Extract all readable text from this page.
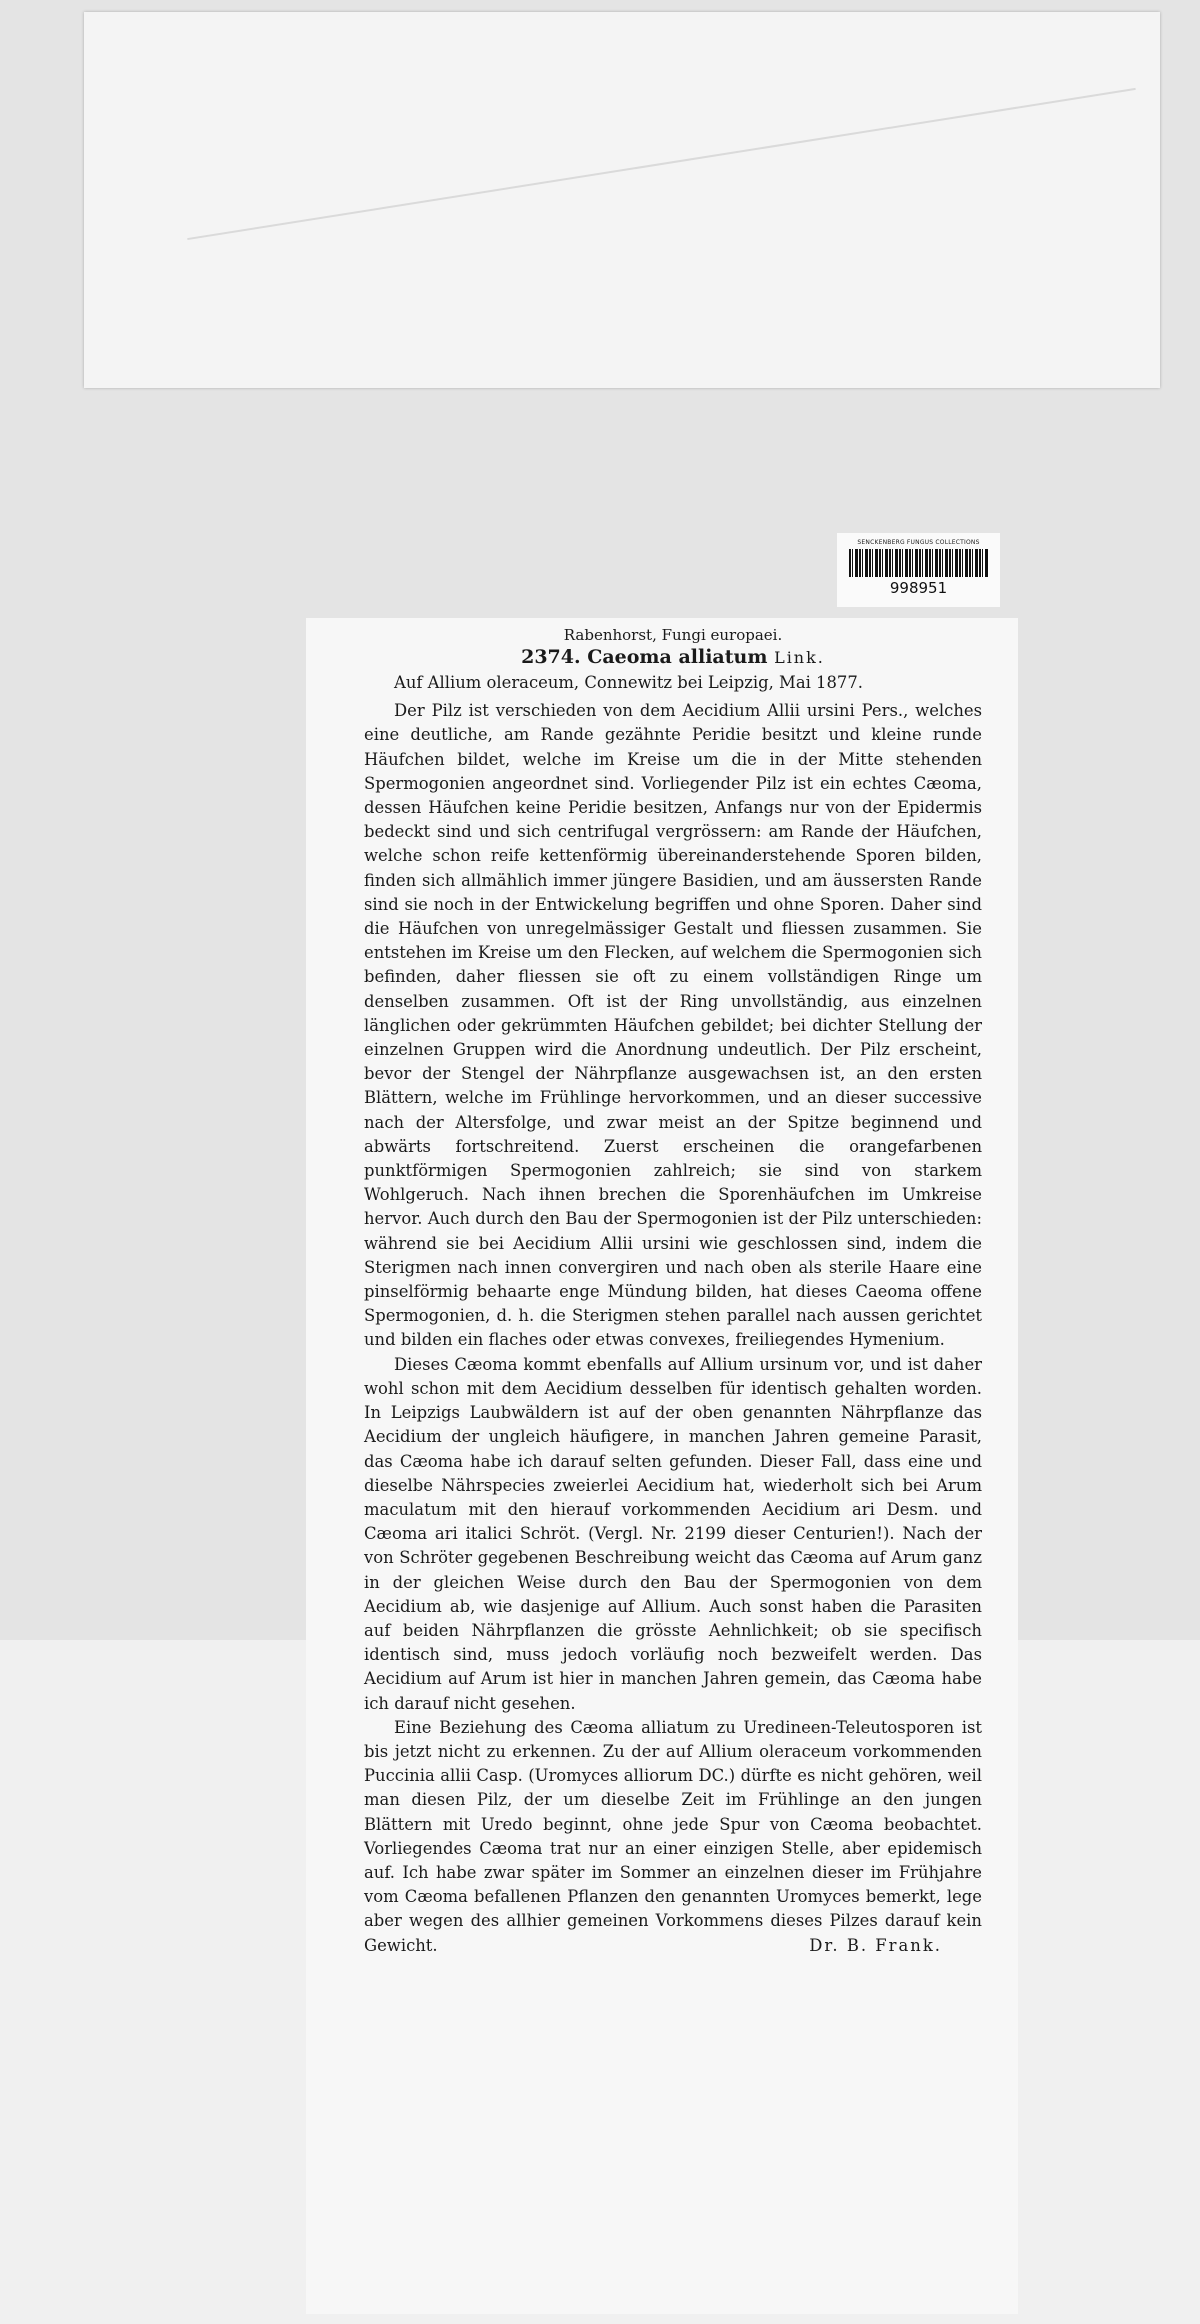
SENCKENBERG FUNGUS COLLECTIONS
998951
Rabenhorst, Fungi europaei.
2374. Caeoma alliatum Link.
Auf Allium oleraceum, Connewitz bei Leipzig, Mai 1877.

Der Pilz ist verschieden von dem Aecidium Allii ursini Pers., welches eine deutliche, am Rande gezähnte Peridie besitzt und kleine runde Häufchen bildet, welche im Kreise um die in der Mitte stehenden Spermogonien angeordnet sind. Vorliegender Pilz ist ein echtes Cæoma, dessen Häufchen keine Peridie besitzen, Anfangs nur von der Epidermis bedeckt sind und sich centrifugal vergrössern: am Rande der Häufchen, welche schon reife kettenförmig übereinanderstehende Sporen bilden, finden sich allmählich immer jüngere Basidien, und am äussersten Rande sind sie noch in der Entwickelung begriffen und ohne Sporen. Daher sind die Häufchen von unregelmässiger Gestalt und fliessen zusammen. Sie entstehen im Kreise um den Flecken, auf welchem die Spermogonien sich befinden, daher fliessen sie oft zu einem vollständigen Ringe um denselben zusammen. Oft ist der Ring unvollständig, aus einzelnen länglichen oder gekrümmten Häufchen gebildet; bei dichter Stellung der einzelnen Gruppen wird die Anordnung undeutlich. Der Pilz erscheint, bevor der Stengel der Nährpflanze ausgewachsen ist, an den ersten Blättern, welche im Frühlinge hervorkommen, und an dieser successive nach der Altersfolge, und zwar meist an der Spitze beginnend und abwärts fortschreitend. Zuerst erscheinen die orangefarbenen punktförmigen Spermogonien zahlreich; sie sind von starkem Wohlgeruch. Nach ihnen brechen die Sporenhäufchen im Umkreise hervor. Auch durch den Bau der Spermogonien ist der Pilz unterschieden: während sie bei Aecidium Allii ursini wie geschlossen sind, indem die Sterigmen nach innen convergiren und nach oben als sterile Haare eine pinselförmig behaarte enge Mündung bilden, hat dieses Caeoma offene Spermogonien, d. h. die Sterigmen stehen parallel nach aussen gerichtet und bilden ein flaches oder etwas convexes, freiliegendes Hymenium.

Dieses Cæoma kommt ebenfalls auf Allium ursinum vor, und ist daher wohl schon mit dem Aecidium desselben für identisch gehalten worden. In Leipzigs Laubwäldern ist auf der oben genannten Nährpflanze das Aecidium der ungleich häufigere, in manchen Jahren gemeine Parasit, das Cæoma habe ich darauf selten gefunden. Dieser Fall, dass eine und dieselbe Nährspecies zweierlei Aecidium hat, wiederholt sich bei Arum maculatum mit den hierauf vorkommenden Aecidium ari Desm. und Cæoma ari italici Schröt. (Vergl. Nr. 2199 dieser Centurien!). Nach der von Schröter gegebenen Beschreibung weicht das Cæoma auf Arum ganz in der gleichen Weise durch den Bau der Spermogonien von dem Aecidium ab, wie dasjenige auf Allium. Auch sonst haben die Parasiten auf beiden Nährpflanzen die grösste Aehnlichkeit; ob sie specifisch identisch sind, muss jedoch vorläufig noch bezweifelt werden. Das Aecidium auf Arum ist hier in manchen Jahren gemein, das Cæoma habe ich darauf nicht gesehen.

Eine Beziehung des Cæoma alliatum zu Uredineen-Teleutosporen ist bis jetzt nicht zu erkennen. Zu der auf Allium oleraceum vorkommenden Puccinia allii Casp. (Uromyces alliorum DC.) dürfte es nicht gehören, weil man diesen Pilz, der um dieselbe Zeit im Frühlinge an den jungen Blättern mit Uredo beginnt, ohne jede Spur von Cæoma beobachtet. Vorliegendes Cæoma trat nur an einer einzigen Stelle, aber epidemisch auf. Ich habe zwar später im Sommer an einzelnen dieser im Frühjahre vom Cæoma befallenen Pflanzen den genannten Uromyces bemerkt, lege aber wegen des allhier gemeinen Vorkommens dieses Pilzes darauf kein Gewicht.	Dr. B. Frank.
